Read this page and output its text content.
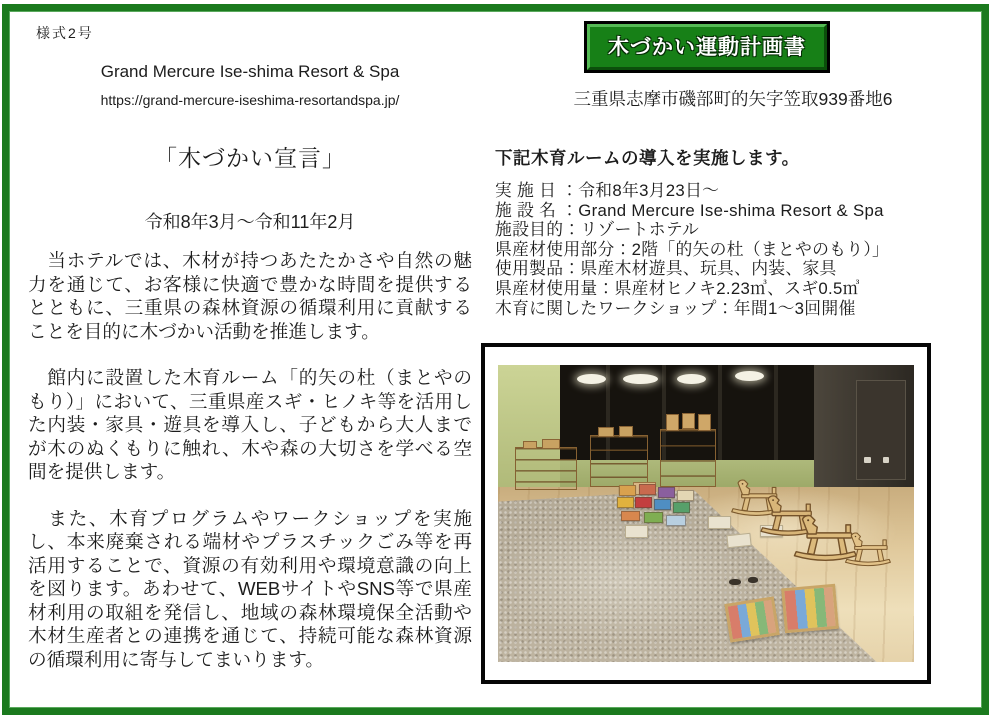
様式2号
Grand Mercure Ise-shima Resort & Spa
https://grand-mercure-iseshima-resortandspa.jp/
「木づかい宣言」
令和8年3月～令和11年2月

　当ホテルでは、木材が持つあたたかさや自然の魅力を通じて、お客様に快適で豊かな時間を提供するとともに、三重県の森林資源の循環利用に貢献することを目的に木づかい活動を推進します。

　館内に設置した木育ルーム「的矢の杜（まとやのもり）」において、三重県産スギ・ヒノキ等を活用した内装・家具・遊具を導入し、子どもから大人までが木のぬくもりに触れ、木や森の大切さを学べる空間を提供します。

　また、木育プログラムやワークショップを実施し、本来廃棄される端材やプラスチックごみ等を再活用することで、資源の有効利用や環境意識の向上を図ります。あわせて、WEBサイトやSNS等で県産材利用の取組を発信し、地域の森林環境保全活動や木材生産者との連携を通じて、持続可能な森林資源の循環利用に寄与してまいります。

木づかい運動計画書
三重県志摩市磯部町的矢字笠取939番地6
下記木育ルームの導入を実施します。
実 施 日 ：令和8年3月23日～
施 設 名 ：Grand Mercure Ise-shima Resort & Spa
施設目的：リゾートホテル
県産材使用部分：2階「的矢の杜（まとやのもり）」
使用製品：県産木材遊具、玩具、内装、家具
県産材使用量：県産材ヒノキ2.23㎥、スギ0.5㎥
木育に関したワークショップ：年間1～3回開催
